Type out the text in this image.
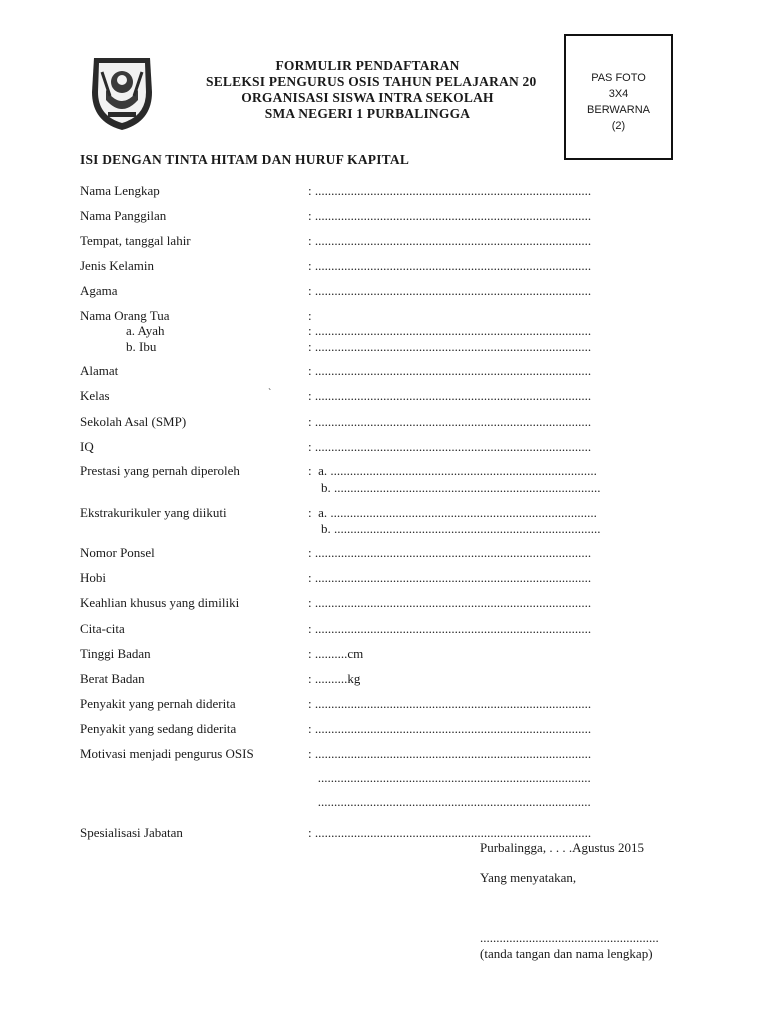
FORMULIR PENDAFTARAN
SELEKSI PENGURUS OSIS TAHUN PELAJARAN 20
ORGANISASI SISWA INTRA SEKOLAH
SMA NEGERI 1 PURBALINGGA
PAS FOTO
3X4
BERWARNA
(2)
ISI DENGAN TINTA HITAM DAN HURUF KAPITAL
Nama Lengkap	: .....................................................................................
Nama Panggilan	: .....................................................................................
Tempat, tanggal lahir	: .....................................................................................
Jenis Kelamin	: .....................................................................................
Agama	: .....................................................................................
Nama Orang Tua	:
a. Ayah	: .....................................................................................
b. Ibu	: .....................................................................................
Alamat	: .....................................................................................
Kelas	`	: .....................................................................................
Sekolah Asal (SMP)	: .....................................................................................
IQ	: .....................................................................................
Prestasi yang pernah diperoleh	:  a. ..................................................................................
b. ..................................................................................
Ekstrakurikuler yang diikuti	:  a. ..................................................................................
b. ..................................................................................
Nomor Ponsel	: .....................................................................................
Hobi	: .....................................................................................
Keahlian khusus yang dimiliki	: .....................................................................................
Cita-cita	: .....................................................................................
Tinggi Badan	: ..........cm
Berat Badan	: ..........kg
Penyakit yang pernah diderita	: .....................................................................................
Penyakit yang sedang diderita	: .....................................................................................
Motivasi menjadi pengurus OSIS	: .....................................................................................
....................................................................................
....................................................................................
Spesialisasi Jabatan	: .....................................................................................
Purbalingga, . . . .Agustus 2015
Yang menyatakan,
.......................................................
(tanda tangan dan nama lengkap)
